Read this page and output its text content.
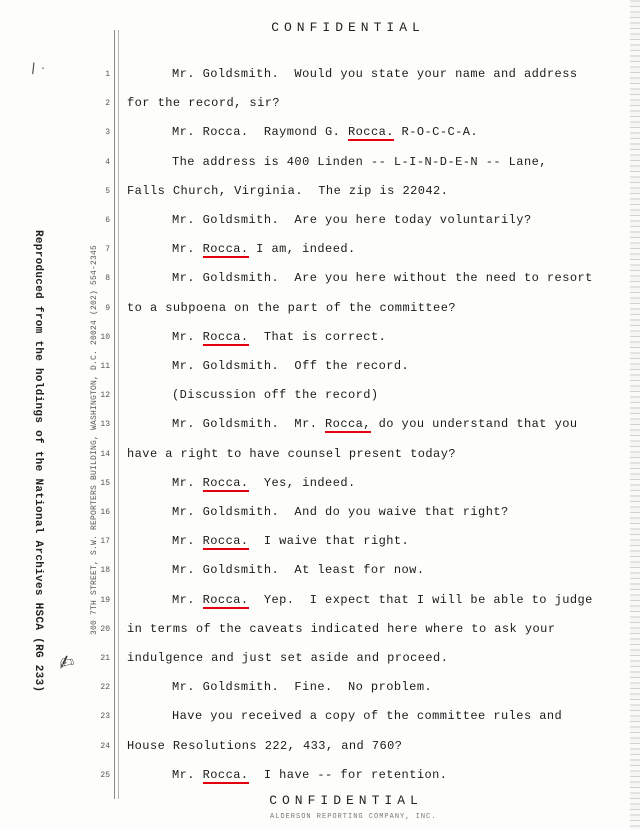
CONFIDENTIAL
\ .
Reproduced from the holdings of the National Archives HSCA (RG 233)	300 7TH STREET, S.W. REPORTERS BUILDING, WASHINGTON, D.C. 20024 (202) 554-2345
✍
1	Mr. Goldsmith.  Would you state your name and address
2 for the record, sir?
3	Mr. Rocca.  Raymond G. Rocca. R-O-C-C-A.
4	The address is 400 Linden -- L-I-N-D-E-N -- Lane,
5 Falls Church, Virginia.  The zip is 22042.
6	Mr. Goldsmith.  Are you here today voluntarily?
7	Mr. Rocca. I am, indeed.
8	Mr. Goldsmith.  Are you here without the need to resort
9 to a subpoena on the part of the committee?
10	Mr. Rocca.  That is correct.
11	Mr. Goldsmith.  Off the record.
12	(Discussion off the record)
13	Mr. Goldsmith.  Mr. Rocca, do you understand that you
14 have a right to have counsel present today?
15	Mr. Rocca.  Yes, indeed.
16	Mr. Goldsmith.  And do you waive that right?
17	Mr. Rocca.  I waive that right.
18	Mr. Goldsmith.  At least for now.
19	Mr. Rocca.  Yep.  I expect that I will be able to judge
20 in terms of the caveats indicated here where to ask your
21 indulgence and just set aside and proceed.
22	Mr. Goldsmith.  Fine.  No problem.
23	Have you received a copy of the committee rules and
24 House Resolutions 222, 433, and 760?
25	Mr. Rocca.  I have -- for retention.
CONFIDENTIAL
ALDERSON REPORTING COMPANY, INC.
